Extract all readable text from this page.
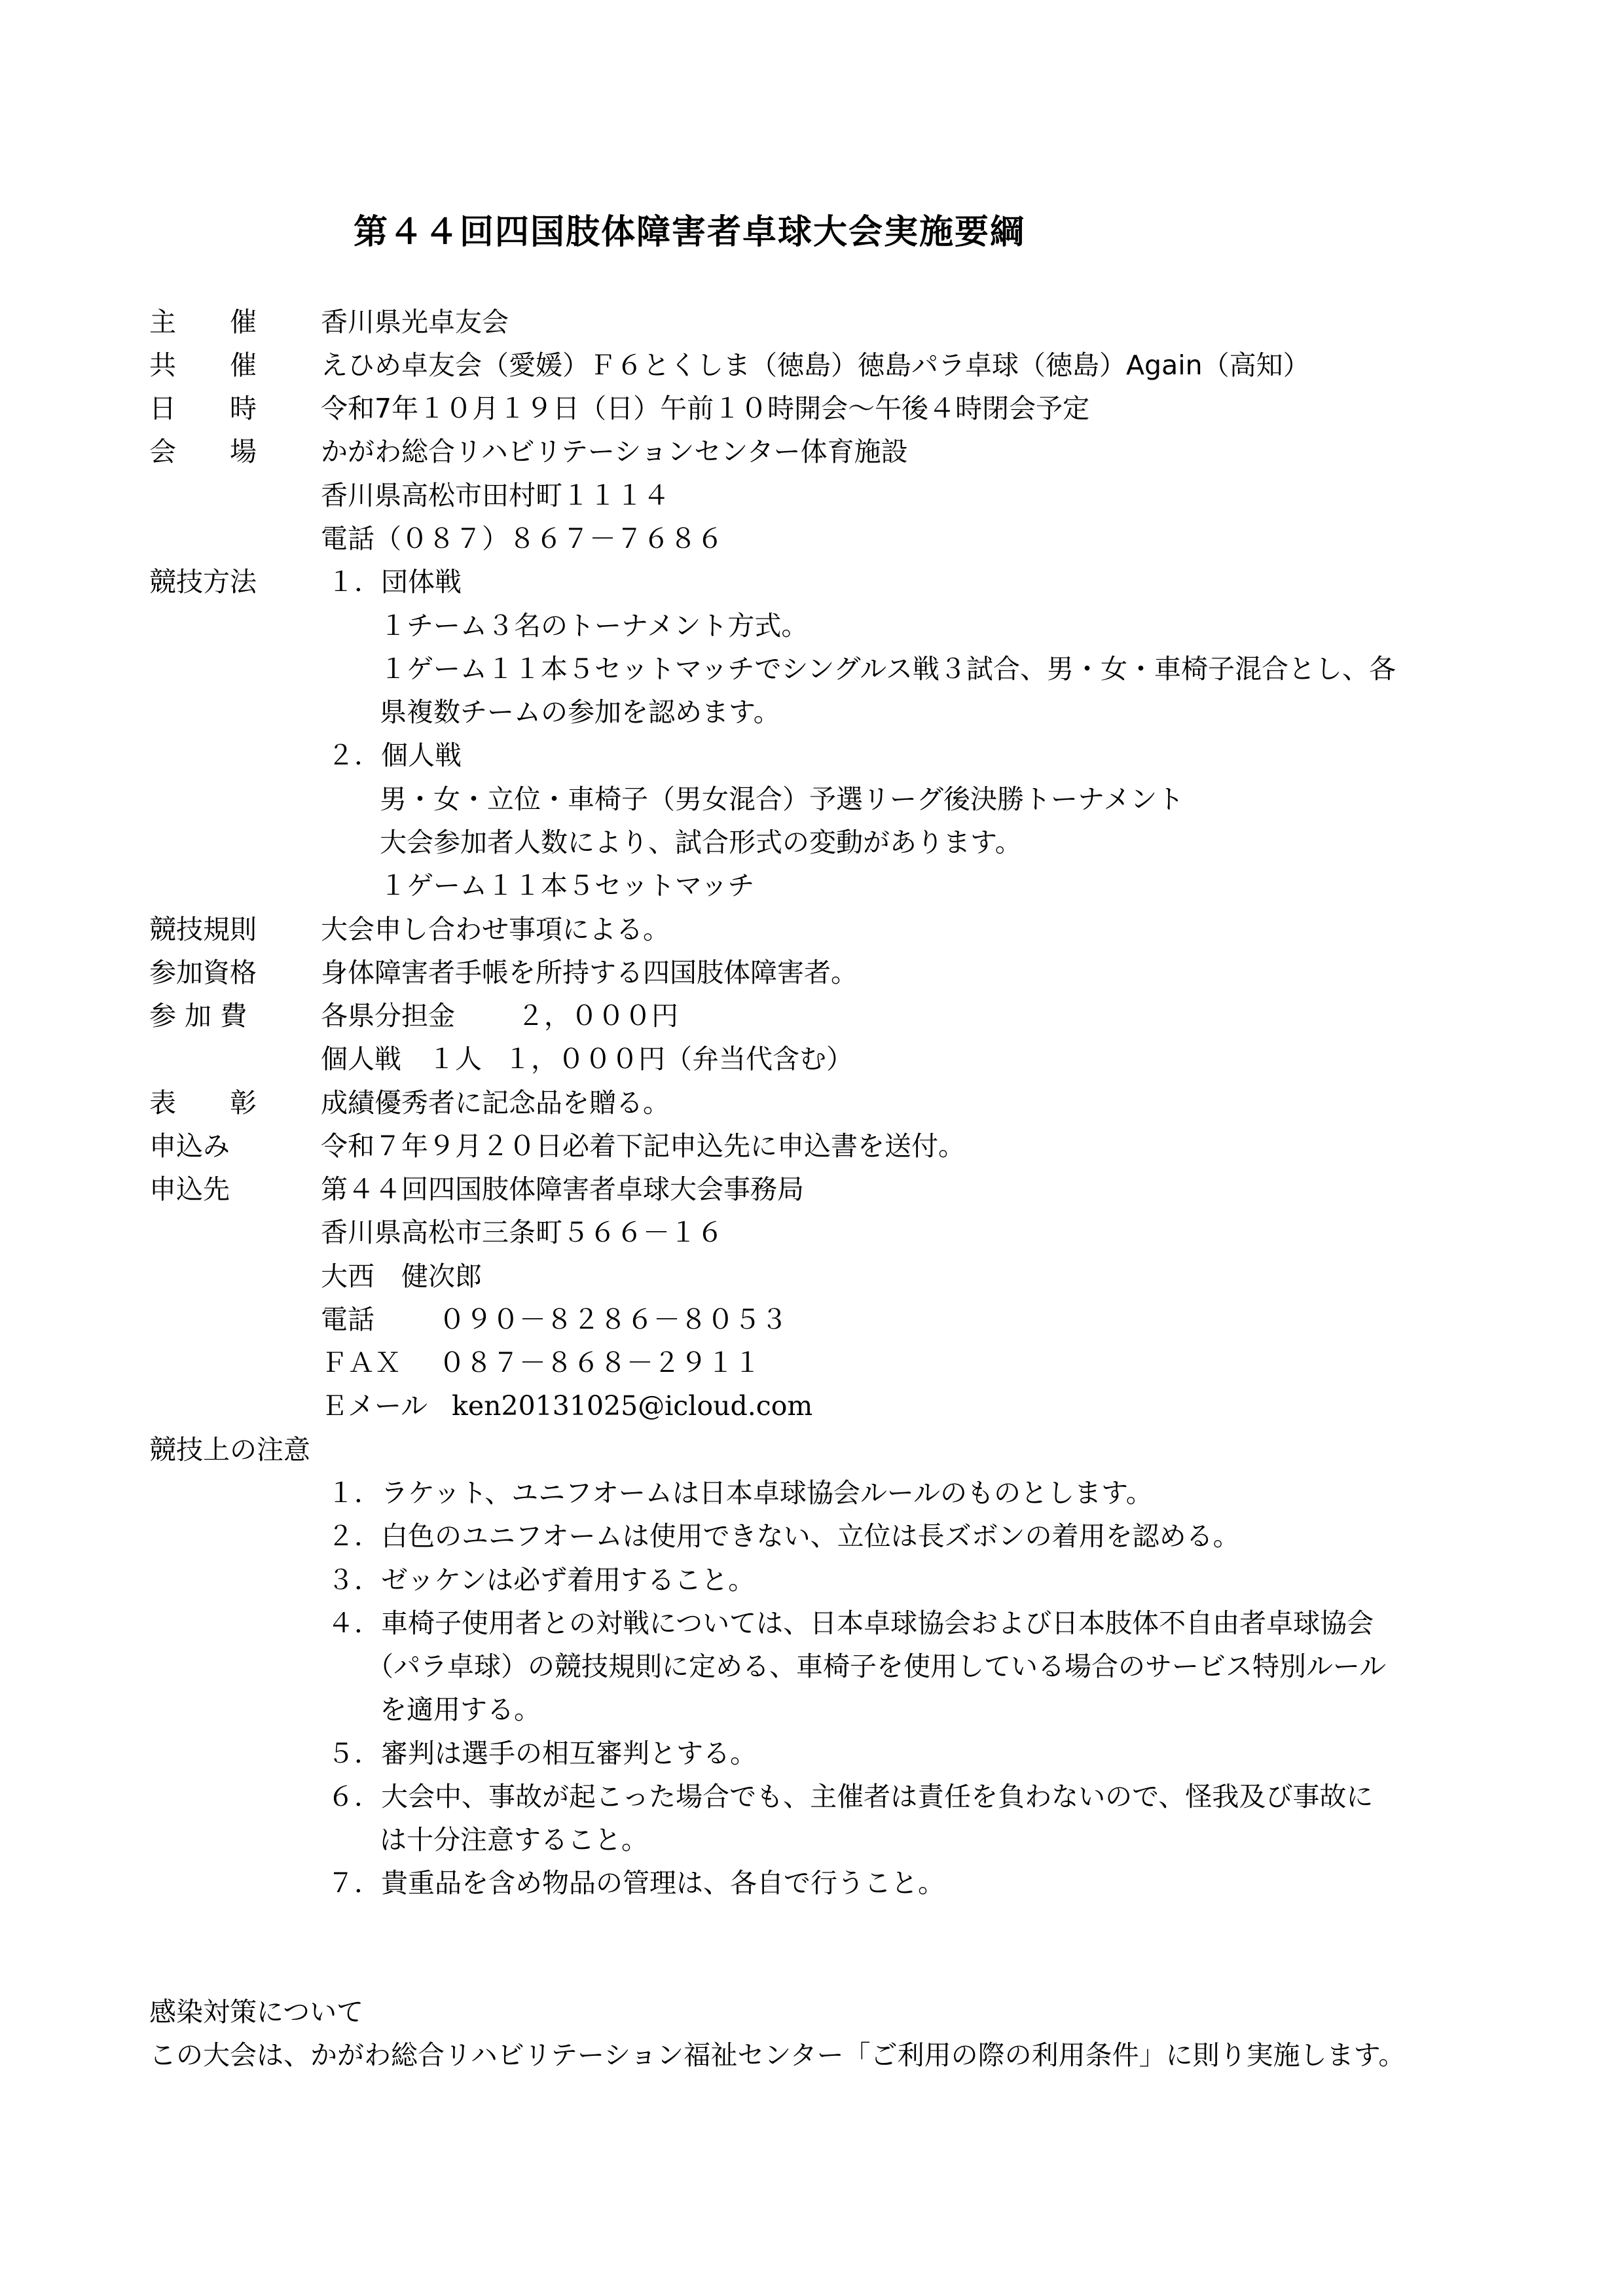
第４４回四国肢体障害者卓球大会実施要綱
主　　催 香川県光卓友会
共　　催 えひめ卓友会（愛媛）Ｆ６とくしま（徳島）徳島パラ卓球（徳島）Again（高知）
日　　時 令和7年１０月１９日（日）午前１０時開会～午後４時閉会予定
会　　場 かがわ総合リハビリテーションセンター体育施設
香川県高松市田村町１１１４
電話（０８７）８６７－７６８６
競技方法	１．団体戦
１チーム３名のトーナメント方式。
１ゲーム１１本５セットマッチでシングルス戦３試合、男・女・車椅子混合とし、各
県複数チームの参加を認めます。
２．個人戦
男・女・立位・車椅子（男女混合）予選リーグ後決勝トーナメント
大会参加者人数により、試合形式の変動があります。
１ゲーム１１本５セットマッチ
競技規則 大会申し合わせ事項による。
参加資格 身体障害者手帳を所持する四国肢体障害者。
参 加 費	各県分担金 ２，０００円
個人戦　１人 １，０００円（弁当代含む）
表　　彰 成績優秀者に記念品を贈る。
申込み	令和７年９月２０日必着下記申込先に申込書を送付。
申込先	第４４回四国肢体障害者卓球大会事務局
香川県高松市三条町５６６－１６
大西　健次郎
電話 ０９０－８２８６－８０５３
ＦＡＸ ０８７－８６８－２９１１
Ｅメール ken20131025@icloud.com
競技上の注意
１．ラケット、ユニフオームは日本卓球協会ルールのものとします。
２．白色のユニフオームは使用できない、立位は長ズボンの着用を認める。
３．ゼッケンは必ず着用すること。
４．車椅子使用者との対戦については、日本卓球協会および日本肢体不自由者卓球協会
（パラ卓球）の競技規則に定める、車椅子を使用している場合のサービス特別ルール
を適用する。
５．審判は選手の相互審判とする。
６．大会中、事故が起こった場合でも、主催者は責任を負わないので、怪我及び事故に
は十分注意すること。
７．貴重品を含め物品の管理は、各自で行うこと。
感染対策について
この大会は、かがわ総合リハビリテーション福祉センター「ご利用の際の利用条件」に則り実施します。
